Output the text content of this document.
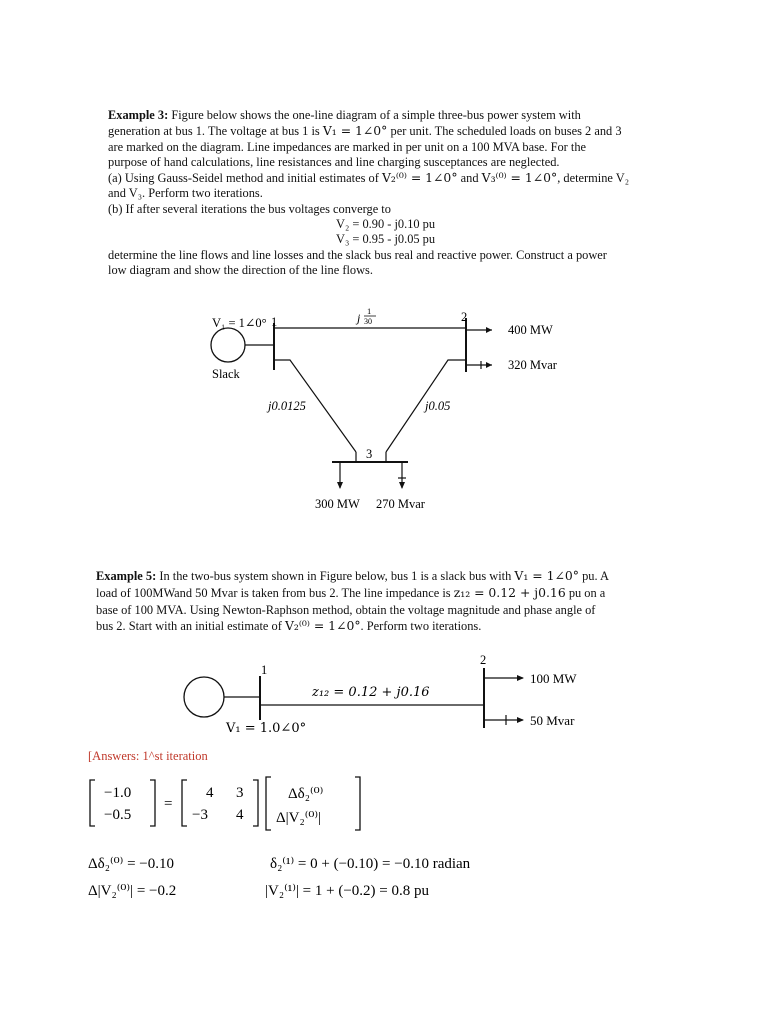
Example 3: Figure below shows the one-line diagram of a simple three-bus power system with
generation at bus 1. The voltage at bus 1 is V₁ = 1∠0° per unit. The scheduled loads on buses 2 and 3
are marked on the diagram. Line impedances are marked in per unit on a 100 MVA base. For the
purpose of hand calculations, line resistances and line charging susceptances are neglected.
(a) Using Gauss-Seidel method and initial estimates of V₂⁽⁰⁾ = 1∠0° and V₃⁽⁰⁾ = 1∠0°, determine V₂
and V₃. Perform two iterations.
(b) If after several iterations the bus voltages converge to
V₂ = 0.90 - j0.10 pu
V₃ = 0.95 - j0.05 pu
determine the line flows and line losses and the slack bus real and reactive power. Construct a power
low diagram and show the direction of the line flows.
V₁ = 1∠0° 1	2
3
j 1
30
400 MW
320 Mvar
Slack
j0.0125	j0.05
300 MW 270 Mvar
Example 5: In the two-bus system shown in Figure below, bus 1 is a slack bus with V₁ = 1∠0° pu. A
load of 100MWand 50 Mvar is taken from bus 2. The line impedance is z₁₂ = 0.12 + j0.16 pu on a
base of 100 MVA. Using Newton-Raphson method, obtain the voltage magnitude and phase angle of
bus 2. Start with an initial estimate of V₂⁽⁰⁾ = 1∠0°. Perform two iterations.
1
2
z₁₂ = 0.12 + j0.16
100 MW
50 Mvar
V₁ = 1.0∠0°
[Answers: 1^st iteration
−1.0
−0.5
=
4 3
−3 4
Δδ₂⁽⁰⁾
Δ|V₂⁽⁰⁾|
Δδ₂⁽⁰⁾ = −0.10
Δ|V₂⁽⁰⁾| = −0.2
δ₂⁽¹⁾ = 0 + (−0.10) = −0.10 radian
|V₂⁽¹⁾| = 1 + (−0.2) = 0.8 pu
